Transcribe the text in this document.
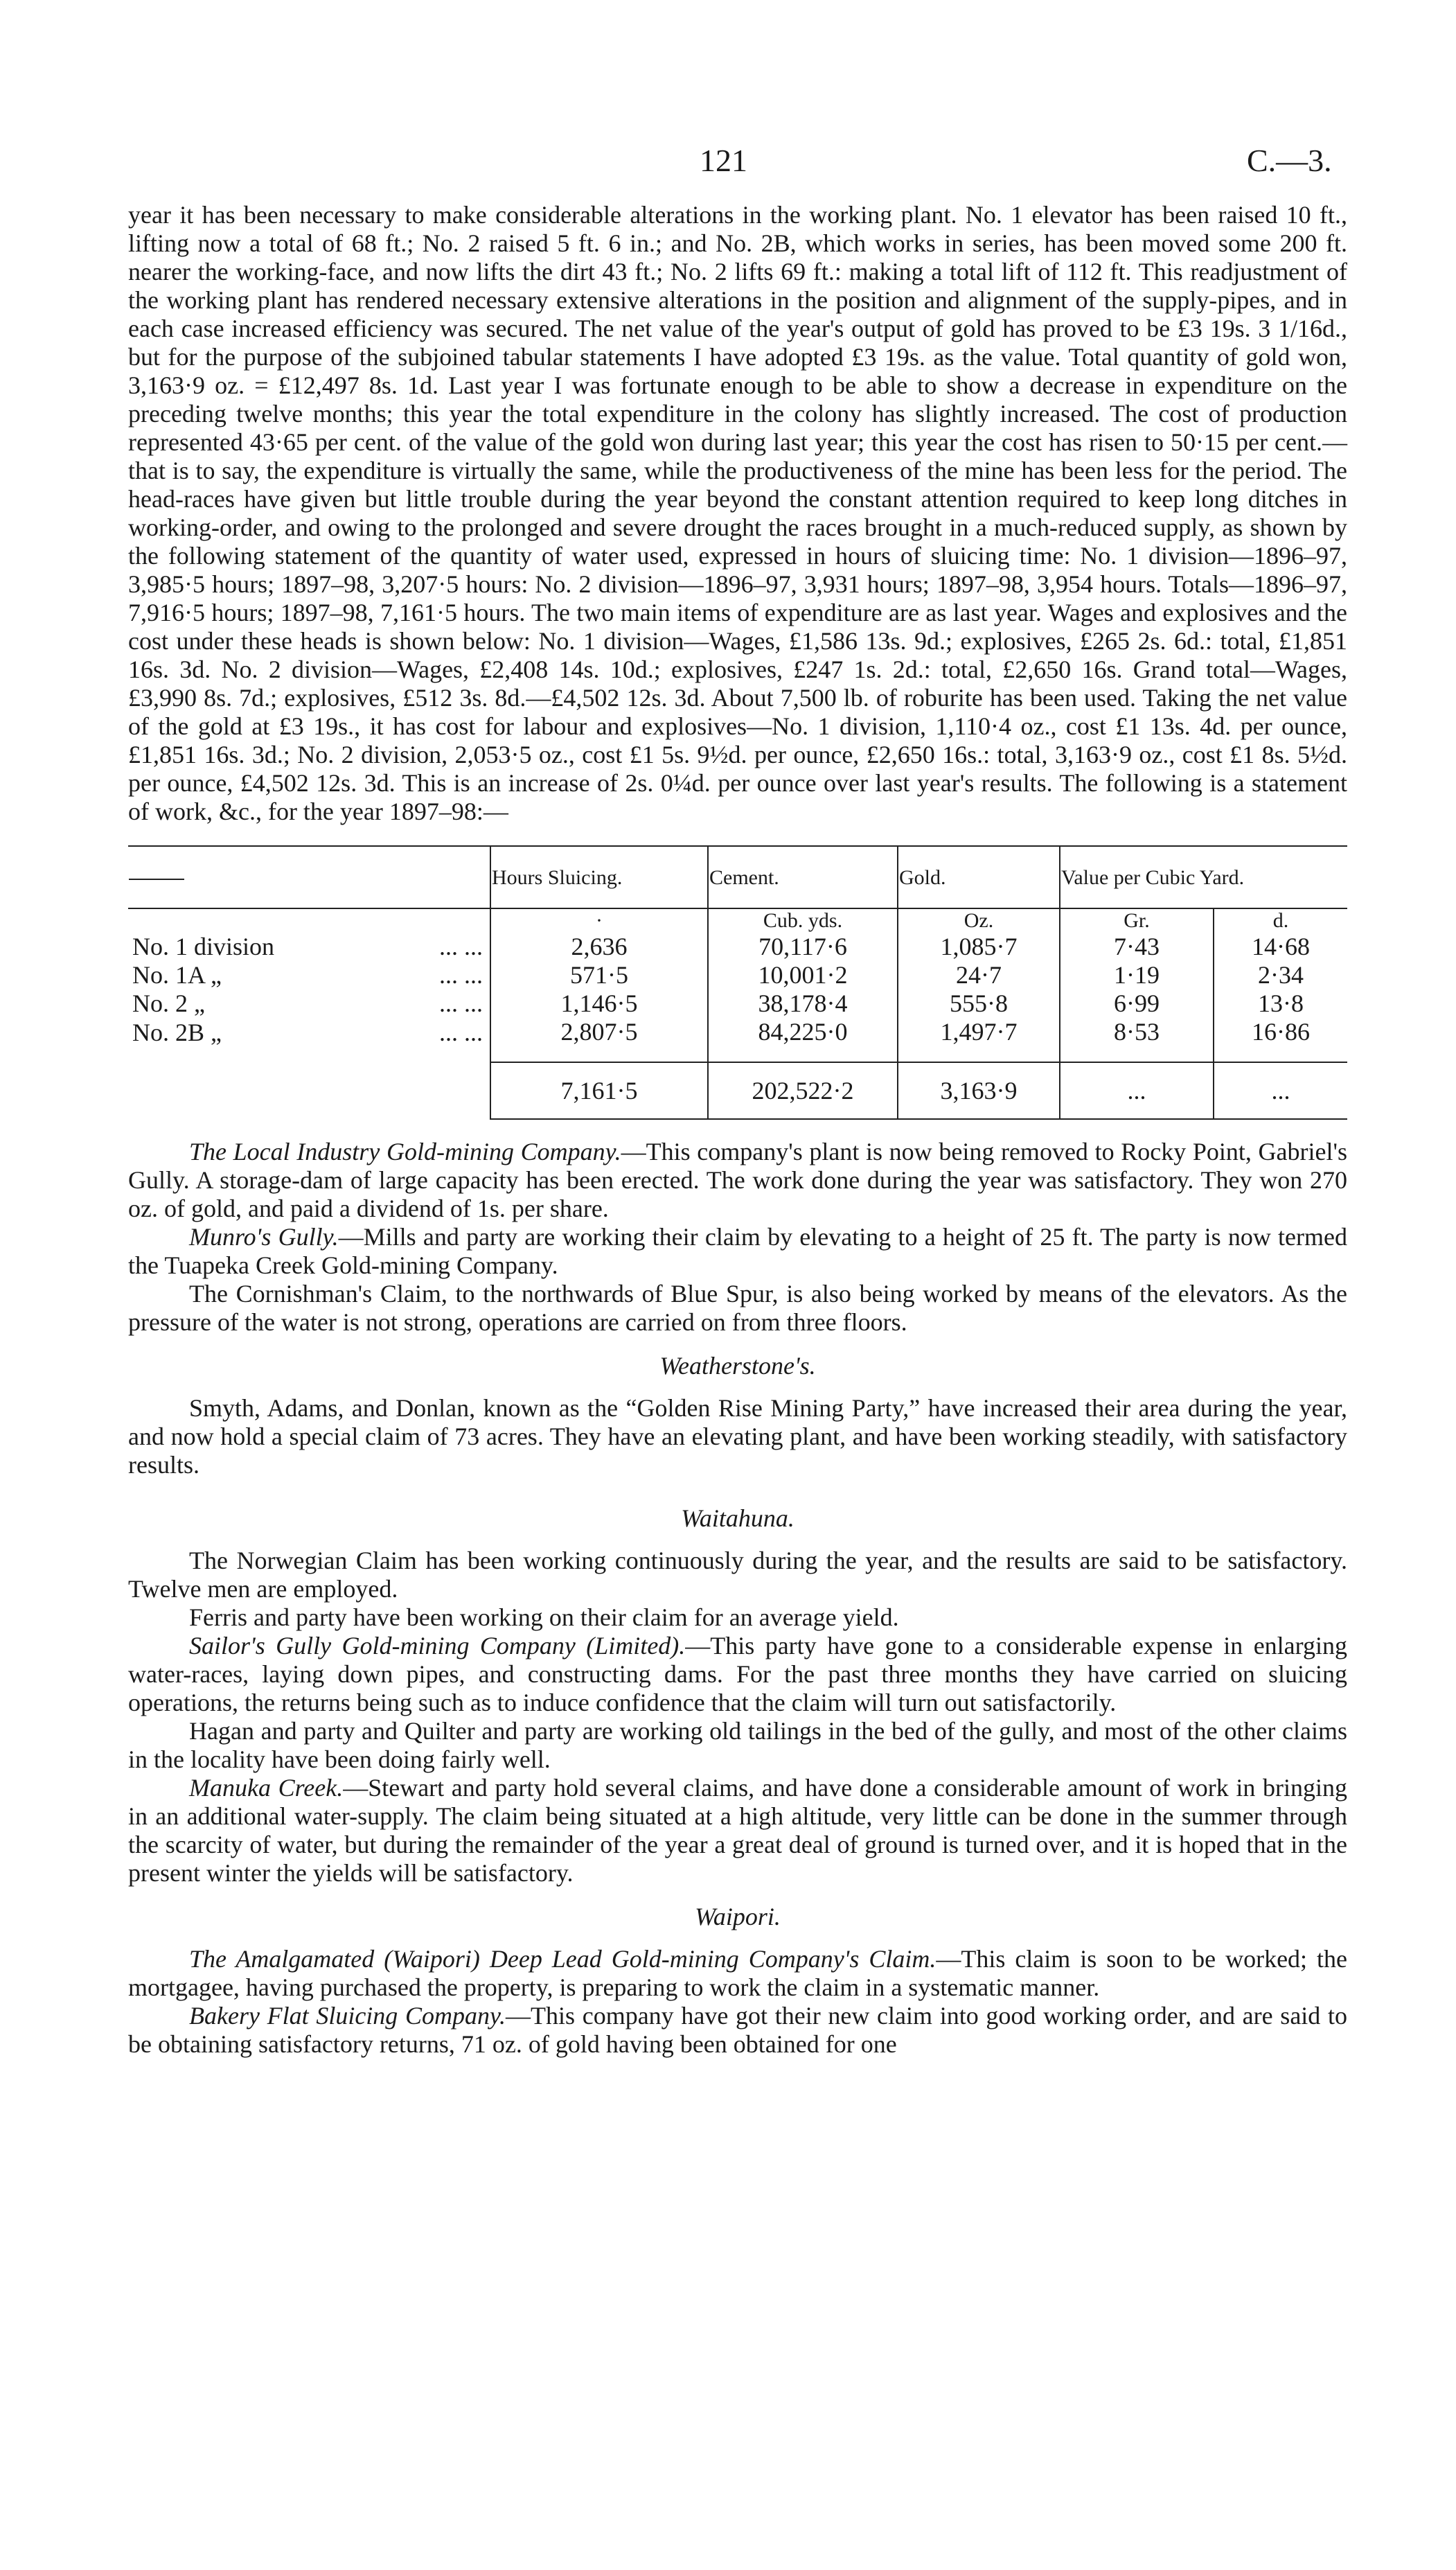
121	C.—3.

year it has been necessary to make considerable alterations in the working plant. No. 1 elevator has been raised 10 ft., lifting now a total of 68 ft.; No. 2 raised 5 ft. 6 in.; and No. 2B, which works in series, has been moved some 200 ft. nearer the working-face, and now lifts the dirt 43 ft.; No. 2 lifts 69 ft.: making a total lift of 112 ft. This readjustment of the working plant has rendered necessary extensive alterations in the position and alignment of the supply-pipes, and in each case increased efficiency was secured. The net value of the year's output of gold has proved to be £3 19s. 3 1/16d., but for the purpose of the subjoined tabular statements I have adopted £3 19s. as the value. Total quantity of gold won, 3,163·9 oz. = £12,497 8s. 1d. Last year I was fortunate enough to be able to show a decrease in expenditure on the preceding twelve months; this year the total expenditure in the colony has slightly increased. The cost of production represented 43·65 per cent. of the value of the gold won during last year; this year the cost has risen to 50·15 per cent.—that is to say, the expenditure is virtually the same, while the productiveness of the mine has been less for the period. The head-races have given but little trouble during the year beyond the constant attention required to keep long ditches in working-order, and owing to the prolonged and severe drought the races brought in a much-reduced supply, as shown by the following statement of the quantity of water used, expressed in hours of sluicing time: No. 1 division—1896–97, 3,985·5 hours; 1897–98, 3,207·5 hours: No. 2 division—1896–97, 3,931 hours; 1897–98, 3,954 hours. Totals—1896–97, 7,916·5 hours; 1897–98, 7,161·5 hours. The two main items of expenditure are as last year. Wages and explosives and the cost under these heads is shown below: No. 1 division—Wages, £1,586 13s. 9d.; explosives, £265 2s. 6d.: total, £1,851 16s. 3d. No. 2 division—Wages, £2,408 14s. 10d.; explosives, £247 1s. 2d.: total, £2,650 16s. Grand total—Wages, £3,990 8s. 7d.; explosives, £512 3s. 8d.—£4,502 12s. 3d. About 7,500 lb. of roburite has been used. Taking the net value of the gold at £3 19s., it has cost for labour and explosives—No. 1 division, 1,110·4 oz., cost £1 13s. 4d. per ounce, £1,851 16s. 3d.; No. 2 division, 2,053·5 oz., cost £1 5s. 9½d. per ounce, £2,650 16s.: total, 3,163·9 oz., cost £1 8s. 5½d. per ounce, £4,502 12s. 3d. This is an increase of 2s. 0¼d. per ounce over last year's results. The following is a statement of work, &c., for the year 1897–98:—

	Hours Sluicing.	Cement.	Gold.	Value per Cubic Yard.	
	·	Cub. yds.	Oz.	Gr.	d.
No. 1 division ... ...	2,636	70,117·6	1,085·7	7·43	14·68
No. 1A „ ... ...	571·5	10,001·2	24·7	1·19	2·34
No. 2 „ ... ...	1,146·5	38,178·4	555·8	6·99	13·8
No. 2B „ ... ...	2,807·5	84,225·0	1,497·7	8·53	16·86
	7,161·5	202,522·2	3,163·9	...	...

The Local Industry Gold-mining Company.—This company's plant is now being removed to Rocky Point, Gabriel's Gully. A storage-dam of large capacity has been erected. The work done during the year was satisfactory. They won 270 oz. of gold, and paid a dividend of 1s. per share.

Munro's Gully.—Mills and party are working their claim by elevating to a height of 25 ft. The party is now termed the Tuapeka Creek Gold-mining Company.

The Cornishman's Claim, to the northwards of Blue Spur, is also being worked by means of the elevators. As the pressure of the water is not strong, operations are carried on from three floors.

Weatherstone's.

Smyth, Adams, and Donlan, known as the “Golden Rise Mining Party,” have increased their area during the year, and now hold a special claim of 73 acres. They have an elevating plant, and have been working steadily, with satisfactory results.

Waitahuna.

The Norwegian Claim has been working continuously during the year, and the results are said to be satisfactory. Twelve men are employed.

Ferris and party have been working on their claim for an average yield.

Sailor's Gully Gold-mining Company (Limited).—This party have gone to a considerable expense in enlarging water-races, laying down pipes, and constructing dams. For the past three months they have carried on sluicing operations, the returns being such as to induce confidence that the claim will turn out satisfactorily.

Hagan and party and Quilter and party are working old tailings in the bed of the gully, and most of the other claims in the locality have been doing fairly well.

Manuka Creek.—Stewart and party hold several claims, and have done a considerable amount of work in bringing in an additional water-supply. The claim being situated at a high altitude, very little can be done in the summer through the scarcity of water, but during the remainder of the year a great deal of ground is turned over, and it is hoped that in the present winter the yields will be satisfactory.

Waipori.

The Amalgamated (Waipori) Deep Lead Gold-mining Company's Claim.—This claim is soon to be worked; the mortgagee, having purchased the property, is preparing to work the claim in a systematic manner.

Bakery Flat Sluicing Company.—This company have got their new claim into good working order, and are said to be obtaining satisfactory returns, 71 oz. of gold having been obtained for one
